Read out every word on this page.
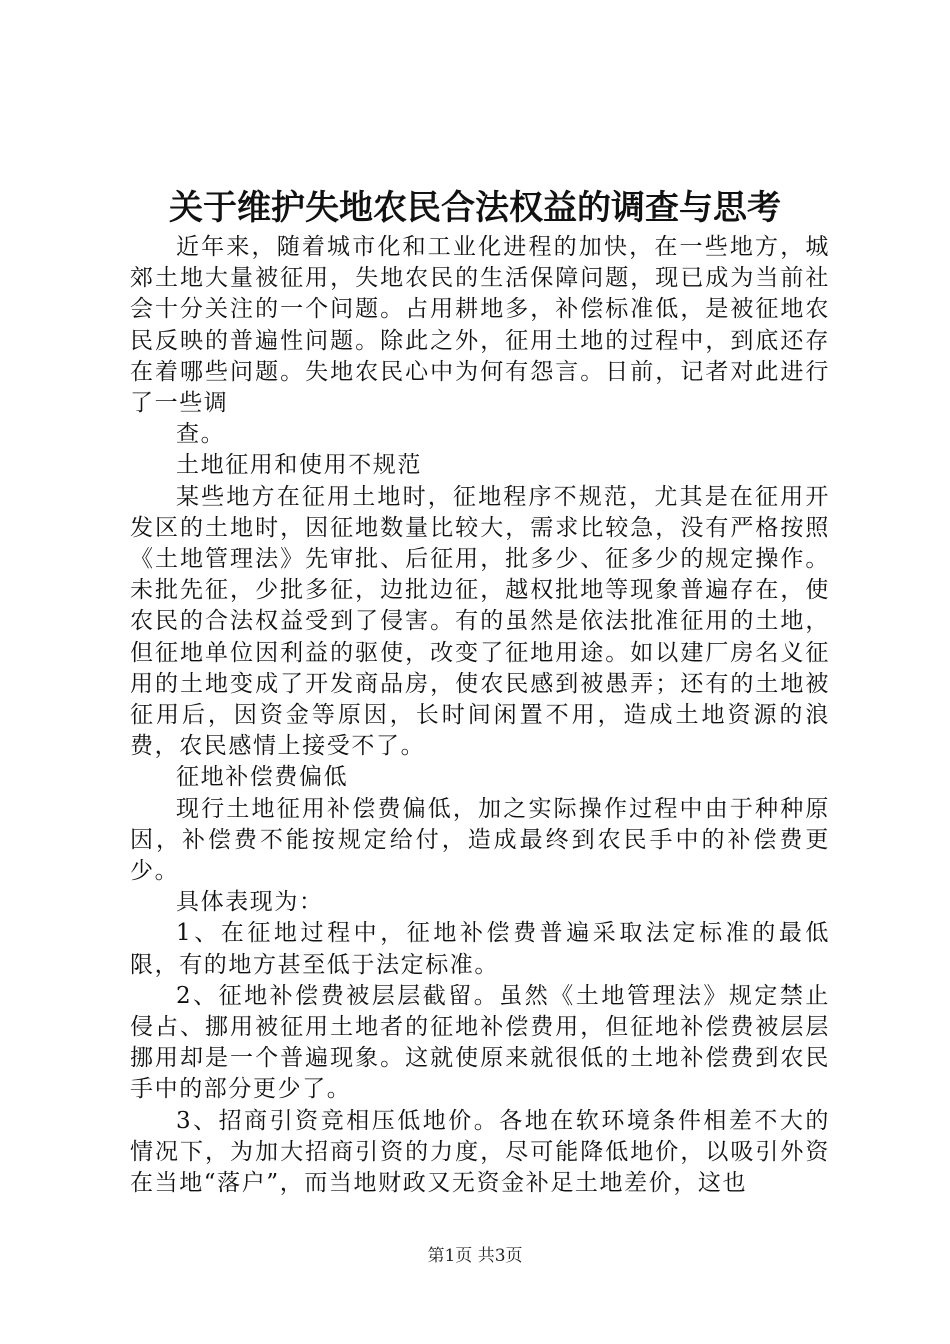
关于维护失地农民合法权益的调查与思考

近年来，随着城市化和工业化进程的加快，在一些地方，城郊土地大量被征用，失地农民的生活保障问题，现已成为当前社会十分关注的一个问题。占用耕地多，补偿标准低，是被征地农民反映的普遍性问题。除此之外，征用土地的过程中，到底还存在着哪些问题。失地农民心中为何有怨言。日前，记者对此进行了一些调

查。

土地征用和使用不规范

某些地方在征用土地时，征地程序不规范，尤其是在征用开发区的土地时，因征地数量比较大，需求比较急，没有严格按照《土地管理法》先审批、后征用，批多少、征多少的规定操作。未批先征，少批多征，边批边征，越权批地等现象普遍存在，使农民的合法权益受到了侵害。有的虽然是依法批准征用的土地，但征地单位因利益的驱使，改变了征地用途。如以建厂房名义征用的土地变成了开发商品房，使农民感到被愚弄；还有的土地被征用后，因资金等原因，长时间闲置不用，造成土地资源的浪费，农民感情上接受不了。

征地补偿费偏低

现行土地征用补偿费偏低，加之实际操作过程中由于种种原因，补偿费不能按规定给付，造成最终到农民手中的补偿费更少。

具体表现为：

1、在征地过程中，征地补偿费普遍采取法定标准的最低限，有的地方甚至低于法定标准。

2、征地补偿费被层层截留。虽然《土地管理法》规定禁止侵占、挪用被征用土地者的征地补偿费用，但征地补偿费被层层挪用却是一个普遍现象。这就使原来就很低的土地补偿费到农民手中的部分更少了。

3、招商引资竞相压低地价。各地在软环境条件相差不大的情况下，为加大招商引资的力度，尽可能降低地价，以吸引外资在当地“落户”，而当地财政又无资金补足土地差价，这也

第1页 共3页
